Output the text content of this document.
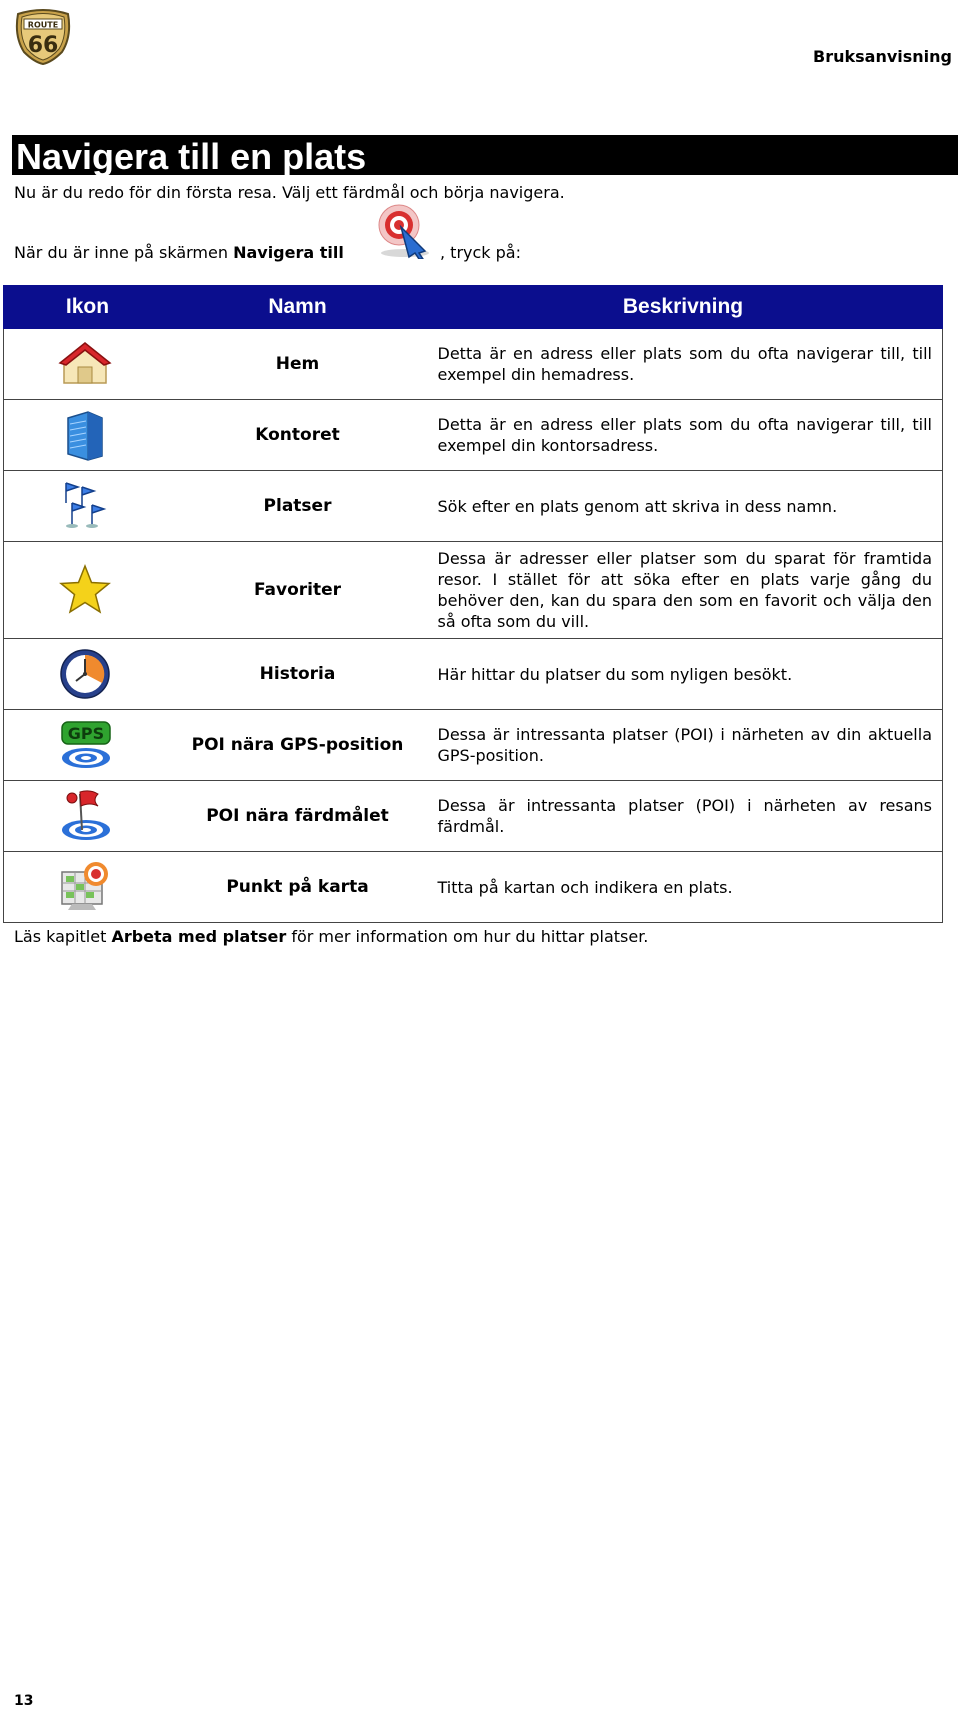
ROUTE
66	Bruksanvisning
Navigera till en plats
Nu är du redo för din första resa. Välj ett färdmål och börja navigera.
När du är inne på skärmen Navigera till	, tryck på:
Ikon	Namn	Beskrivning

	Hem	Detta är en adress eller plats som du ofta navigerar till, till exempel din hemadress.

	Kontoret	Detta är en adress eller plats som du ofta navigerar till, till exempel din kontorsadress.

	Platser	Sök efter en plats genom att skriva in dess namn.

	Favoriter	Dessa är adresser eller platser som du sparat för framtida resor. I stället för att söka efter en plats varje gång du behöver den, kan du spara den som en favorit och välja den så ofta som du vill.

	Historia	Här hittar du platser du som nyligen besökt.

GPS	POI nära GPS-position	Dessa är intressanta platser (POI) i närheten av din aktuella GPS-position.

	POI nära färdmålet	Dessa är intressanta platser (POI) i närheten av resans färdmål.

	Punkt på karta	Titta på kartan och indikera en plats.
Läs kapitlet Arbeta med platser för mer information om hur du hittar platser.
13
